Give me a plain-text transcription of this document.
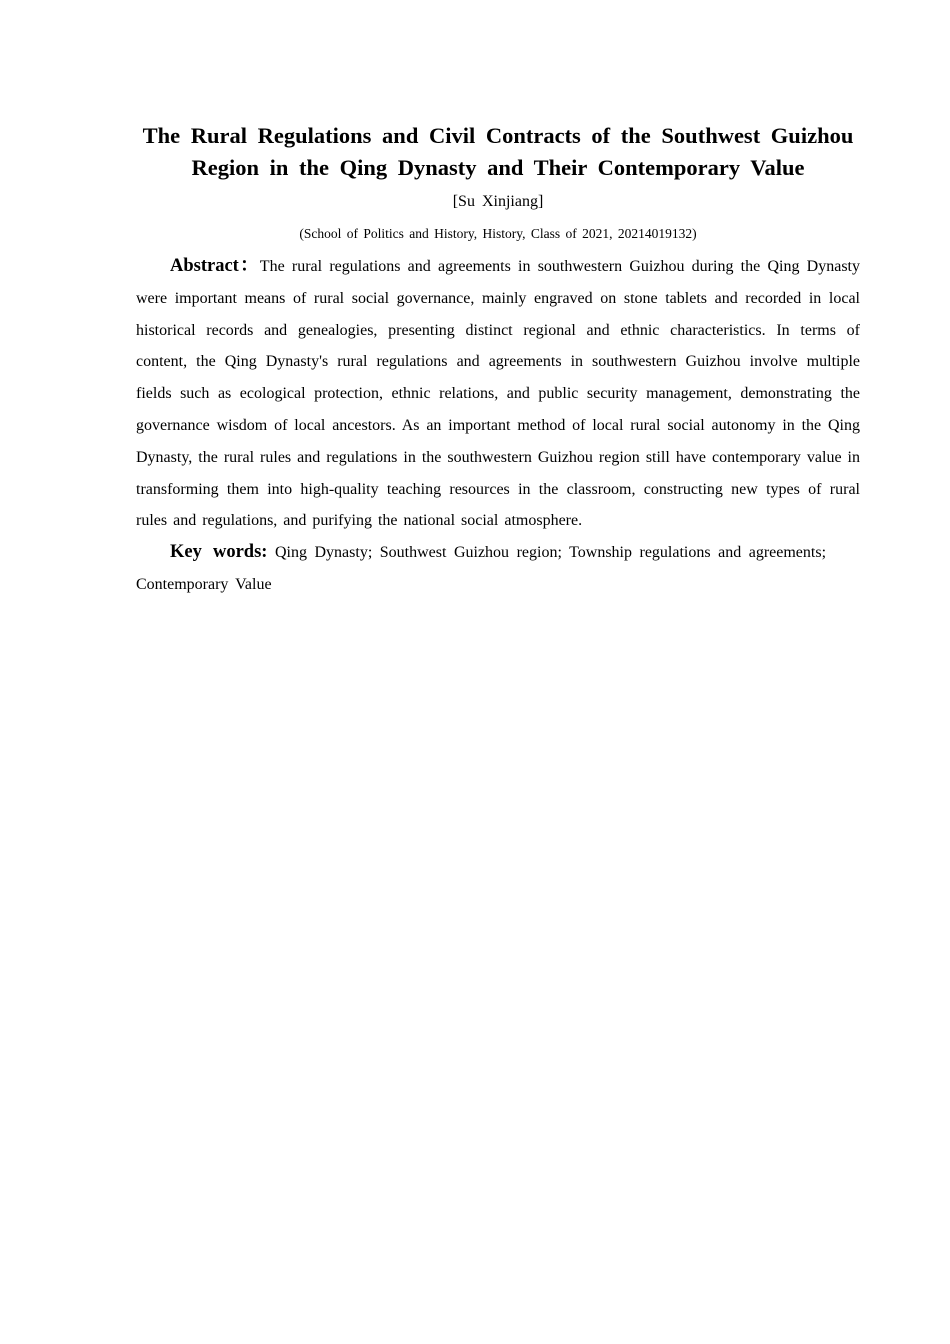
The Rural Regulations and Civil Contracts of the Southwest Guizhou
Region in the Qing Dynasty and Their Contemporary Value
[Su Xinjiang]
(School of Politics and History, History, Class of 2021, 20214019132)

Abstract：The rural regulations and agreements in southwestern Guizhou during the Qing Dynasty were important means of rural social governance, mainly engraved on stone tablets and recorded in local historical records and genealogies, presenting distinct regional and ethnic characteristics. In terms of content, the Qing Dynasty's rural regulations and agreements in southwestern Guizhou involve multiple fields such as ecological protection, ethnic relations, and public security management, demonstrating the governance wisdom of local ancestors. As an important method of local rural social autonomy in the Qing Dynasty, the rural rules and regulations in the southwestern Guizhou region still have contemporary value in transforming them into high-quality teaching resources in the classroom, constructing new types of rural rules and regulations, and purifying the national social atmosphere.

Key words: Qing Dynasty; Southwest Guizhou region; Township regulations and agreements; Contemporary Value
